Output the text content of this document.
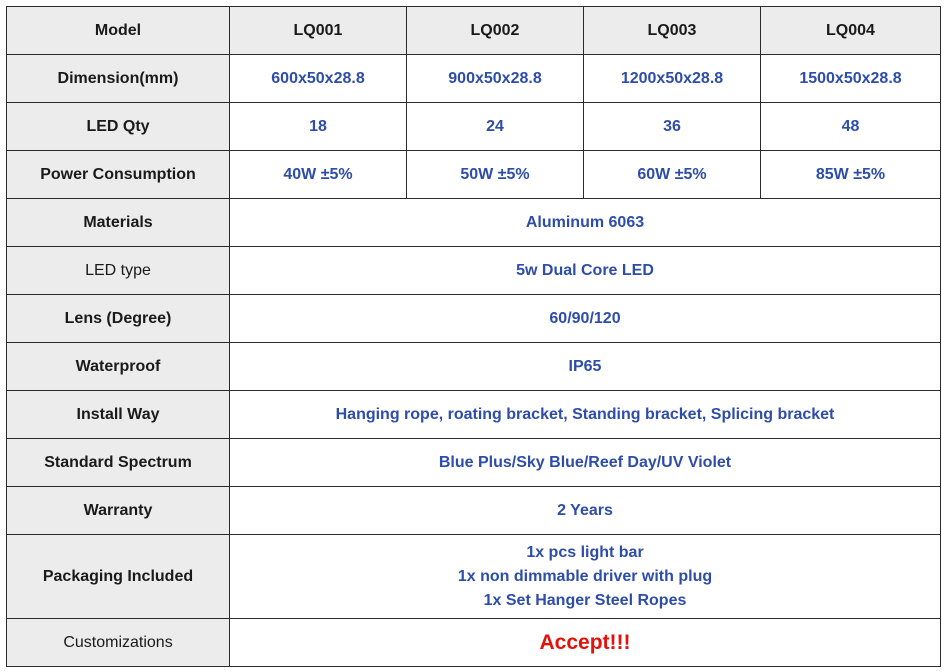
Model	LQ001	LQ002	LQ003	LQ004
Dimension(mm)	600x50x28.8	900x50x28.8	1200x50x28.8	1500x50x28.8
LED Qty	18	24	36	48
Power Consumption	40W ±5%	50W ±5%	60W ±5%	85W ±5%
Materials	Aluminum 6063			
LED type	5w Dual Core LED			
Lens (Degree)	60/90/120			
Waterproof	IP65			
Install Way	Hanging rope, roating bracket, Standing bracket, Splicing bracket			
Standard Spectrum	Blue Plus/Sky Blue/Reef Day/UV Violet			
Warranty	2 Years			
Packaging Included	1x pcs light bar
1x non dimmable driver with plug
1x Set Hanger Steel Ropes			

Customizations	Accept!!!			
